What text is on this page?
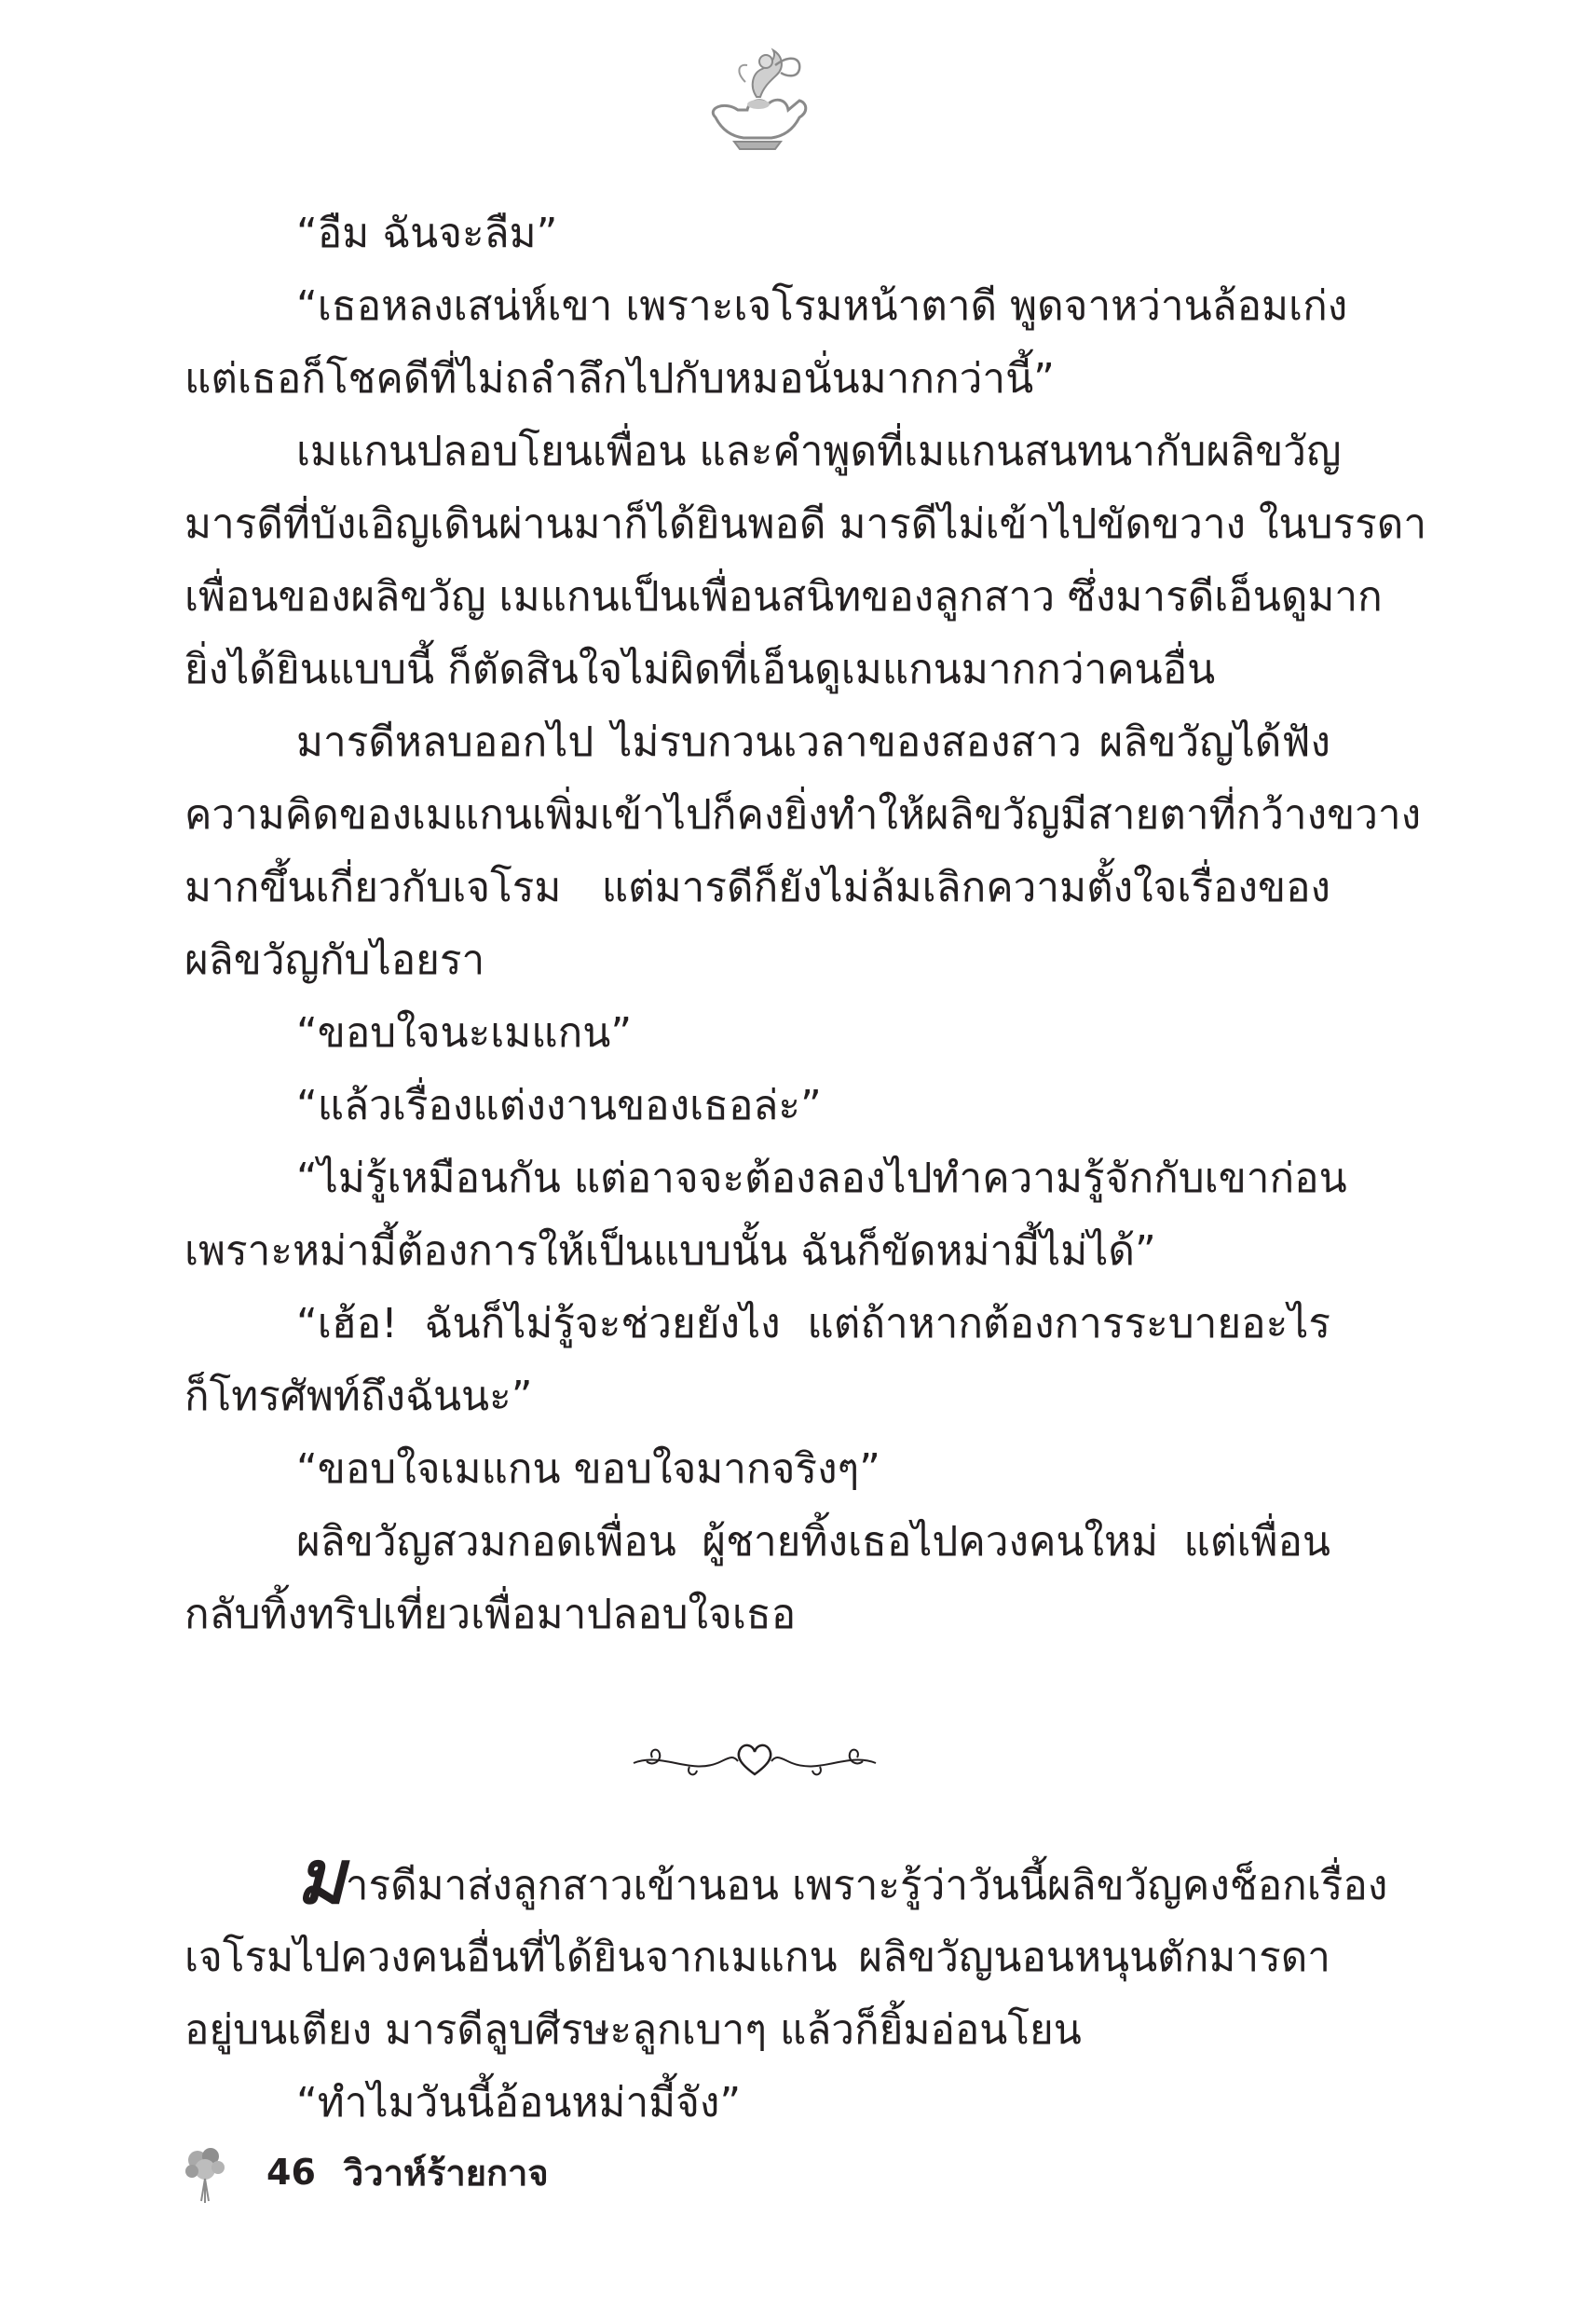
“อืม ฉันจะลืม”
“เธอหลงเสน่ห์เขา เพราะเจโรมหน้าตาดี พูดจาหว่านล้อมเก่ง
แต่เธอก็โชคดีที่ไม่ถลำลึกไปกับหมอนั่นมากกว่านี้”
เมแกนปลอบโยนเพื่อน และคำพูดที่เมแกนสนทนากับผลิขวัญ
มารดีที่บังเอิญเดินผ่านมาก็ได้ยินพอดี มารดีไม่เข้าไปขัดขวาง ในบรรดา
เพื่อนของผลิขวัญ เมแกนเป็นเพื่อนสนิทของลูกสาว ซึ่งมารดีเอ็นดูมาก
ยิ่งได้ยินแบบนี้ ก็ตัดสินใจไม่ผิดที่เอ็นดูเมแกนมากกว่าคนอื่น
มารดีหลบออกไป ไม่รบกวนเวลาของสองสาว ผลิขวัญได้ฟัง
ความคิดของเมแกนเพิ่มเข้าไปก็คงยิ่งทำให้ผลิขวัญมีสายตาที่กว้างขวาง
มากขึ้นเกี่ยวกับเจโรม แต่มารดีก็ยังไม่ล้มเลิกความตั้งใจเรื่องของ
ผลิขวัญกับไอยรา
“ขอบใจนะเมแกน”
“แล้วเรื่องแต่งงานของเธอล่ะ”
“ไม่รู้เหมือนกัน แต่อาจจะต้องลองไปทำความรู้จักกับเขาก่อน
เพราะหม่ามี้ต้องการให้เป็นแบบนั้น ฉันก็ขัดหม่ามี้ไม่ได้”
“เฮ้อ! ฉันก็ไม่รู้จะช่วยยังไง แต่ถ้าหากต้องการระบายอะไร
ก็โทรศัพท์ถึงฉันนะ”
“ขอบใจเมแกน ขอบใจมากจริงๆ”
ผลิขวัญสวมกอดเพื่อน ผู้ชายทิ้งเธอไปควงคนใหม่ แต่เพื่อน
กลับทิ้งทริปเที่ยวเพื่อมาปลอบใจเธอ
มารดีมาส่งลูกสาวเข้านอน เพราะรู้ว่าวันนี้ผลิขวัญคงช็อกเรื่อง
เจโรมไปควงคนอื่นที่ได้ยินจากเมแกน ผลิขวัญนอนหนุนตักมารดา
อยู่บนเตียง มารดีลูบศีรษะลูกเบาๆ แล้วก็ยิ้มอ่อนโยน
“ทำไมวันนี้อ้อนหม่ามี้จัง”
46 วิวาห์ร้ายกาจ
